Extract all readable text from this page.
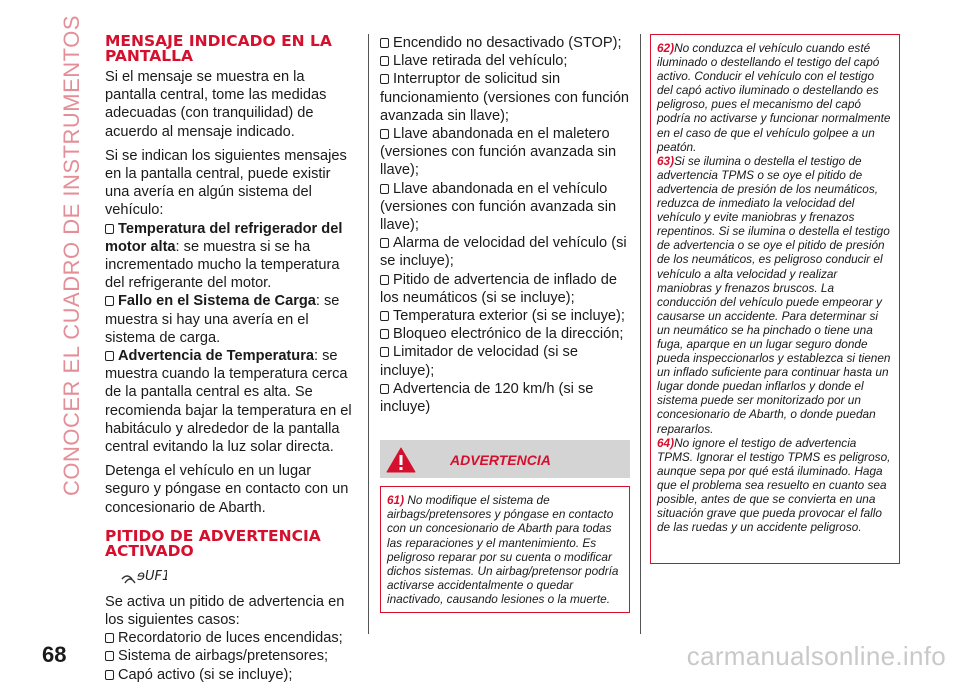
CONOCER EL CUADRO DE INSTRUMENTOS MENSAJE INDICADO EN LA PANTALLA

Si el mensaje se muestra en la pantalla central, tome las medidas adecuadas (con tranquilidad) de acuerdo al mensaje indicado.

Si se indican los siguientes mensajes en la pantalla central, puede existir una avería en algún sistema del vehículo:

Temperatura del refrigerador del motor alta: se muestra si se ha incrementado mucho la temperatura del refrigerante del motor.
Fallo en el Sistema de Carga: se muestra si hay una avería en el sistema de carga.
Advertencia de Temperatura: se muestra cuando la temperatura cerca de la pantalla central es alta. Se recomienda bajar la temperatura en el habitáculo y alrededor de la pantalla central evitando la luz solar directa.

Detenga el vehículo en un lugar seguro y póngase en contacto con un concesionario de Abarth.

PITIDO DE ADVERTENCIA ACTIVADO
ɘUF1

Se activa un pitido de advertencia en los siguientes casos:

Recordatorio de luces encendidas;
Sistema de airbags/pretensores;
Capó activo (si se incluye);
Encendido no desactivado (STOP);
Llave retirada del vehículo;
Interruptor de solicitud sin funcionamiento (versiones con función avanzada sin llave);
Llave abandonada en el maletero (versiones con función avanzada sin llave);
Llave abandonada en el vehículo (versiones con función avanzada sin llave);
Alarma de velocidad del vehículo (si se incluye);
Pitido de advertencia de inflado de los neumáticos (si se incluye);
Temperatura exterior (si se incluye);
Bloqueo electrónico de la dirección;
Limitador de velocidad (si se incluye);
Advertencia de 120 km/h (si se incluye)
ADVERTENCIA

61) No modifique el sistema de airbags/pretensores y póngase en contacto con un concesionario de Abarth para todas las reparaciones y el mantenimiento. Es peligroso reparar por su cuenta o modificar dichos sistemas. Un airbag/pretensor podría activarse accidentalmente o quedar inactivado, causando lesiones o la muerte.

62)No conduzca el vehículo cuando esté iluminado o destellando el testigo del capó activo. Conducir el vehículo con el testigo del capó activo iluminado o destellando es peligroso, pues el mecanismo del capó podría no activarse y funcionar normalmente en el caso de que el vehículo golpee a un peatón.

63)Si se ilumina o destella el testigo de advertencia TPMS o se oye el pitido de advertencia de presión de los neumáticos, reduzca de inmediato la velocidad del vehículo y evite maniobras y frenazos repentinos. Si se ilumina o destella el testigo de advertencia o se oye el pitido de presión de los neumáticos, es peligroso conducir el vehículo a alta velocidad y realizar maniobras y frenazos bruscos. La conducción del vehículo puede empeorar y causarse un accidente. Para determinar si un neumático se ha pinchado o tiene una fuga, aparque en un lugar seguro donde pueda inspeccionarlos y establezca si tienen un inflado suficiente para continuar hasta un lugar donde puedan inflarlos y donde el sistema puede ser monitorizado por un concesionario de Abarth, o donde puedan repararlos.

64)No ignore el testigo de advertencia TPMS. Ignorar el testigo TPMS es peligroso, aunque sepa por qué está iluminado. Haga que el problema sea resuelto en cuanto sea posible, antes de que se convierta en una situación grave que pueda provocar el fallo de las ruedas y un accidente peligroso.

68	carmanualsonline.info
